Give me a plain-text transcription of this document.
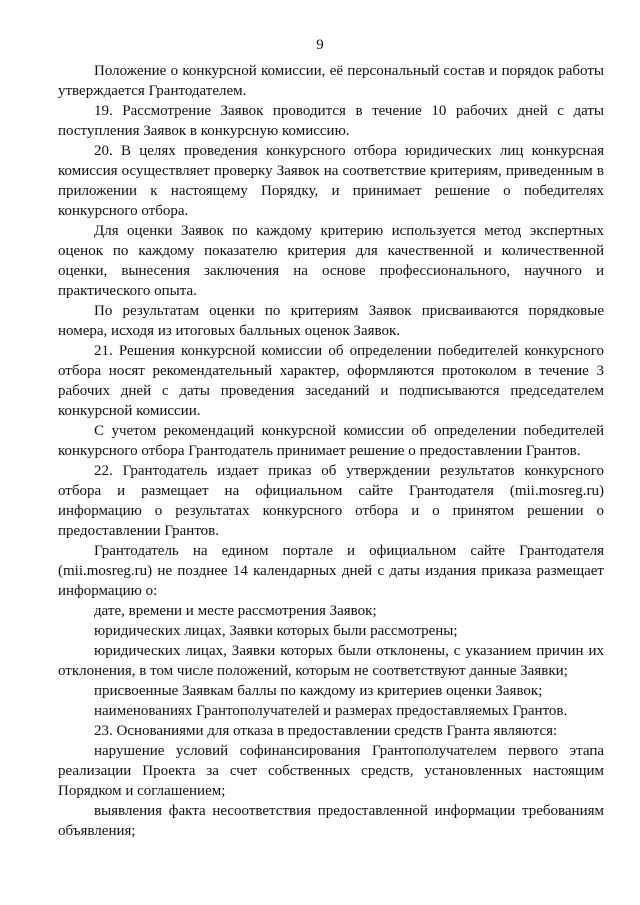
9

Положение о конкурсной комиссии, её персональный состав и порядок работы утверждается Грантодателем.

19. Рассмотрение Заявок проводится в течение 10 рабочих дней с даты поступления Заявок в конкурсную комиссию.

20. В целях проведения конкурсного отбора юридических лиц конкурсная комиссия осуществляет проверку Заявок на соответствие критериям, приведенным в приложении к настоящему Порядку, и принимает решение о победителях конкурсного отбора.

Для оценки Заявок по каждому критерию используется метод экспертных оценок по каждому показателю критерия для качественной и количественной оценки, вынесения заключения на основе профессионального, научного и практического опыта.

По результатам оценки по критериям Заявок присваиваются порядковые номера, исходя из итоговых балльных оценок Заявок.

21. Решения конкурсной комиссии об определении победителей конкурсного отбора носят рекомендательный характер, оформляются протоколом в течение 3 рабочих дней с даты проведения заседаний и подписываются председателем конкурсной комиссии.

С учетом рекомендаций конкурсной комиссии об определении победителей конкурсного отбора Грантодатель принимает решение о предоставлении Грантов.

22. Грантодатель издает приказ об утверждении результатов конкурсного отбора и размещает на официальном сайте Грантодателя (mii.mosreg.ru) информацию о результатах конкурсного отбора и о принятом решении о предоставлении Грантов.

Грантодатель на едином портале и официальном сайте Грантодателя (mii.mosreg.ru) не позднее 14 календарных дней с даты издания приказа размещает информацию о:

дате, времени и месте рассмотрения Заявок;

юридических лицах, Заявки которых были рассмотрены;

юридических лицах, Заявки которых были отклонены, с указанием причин их отклонения, в том числе положений, которым не соответствуют данные Заявки;

присвоенные Заявкам баллы по каждому из критериев оценки Заявок;

наименованиях Грантополучателей и размерах предоставляемых Грантов.

23. Основаниями для отказа в предоставлении средств Гранта являются:

нарушение условий софинансирования Грантополучателем первого этапа реализации Проекта за счет собственных средств, установленных настоящим Порядком и соглашением;

выявления факта несоответствия предоставленной информации требованиям объявления;
